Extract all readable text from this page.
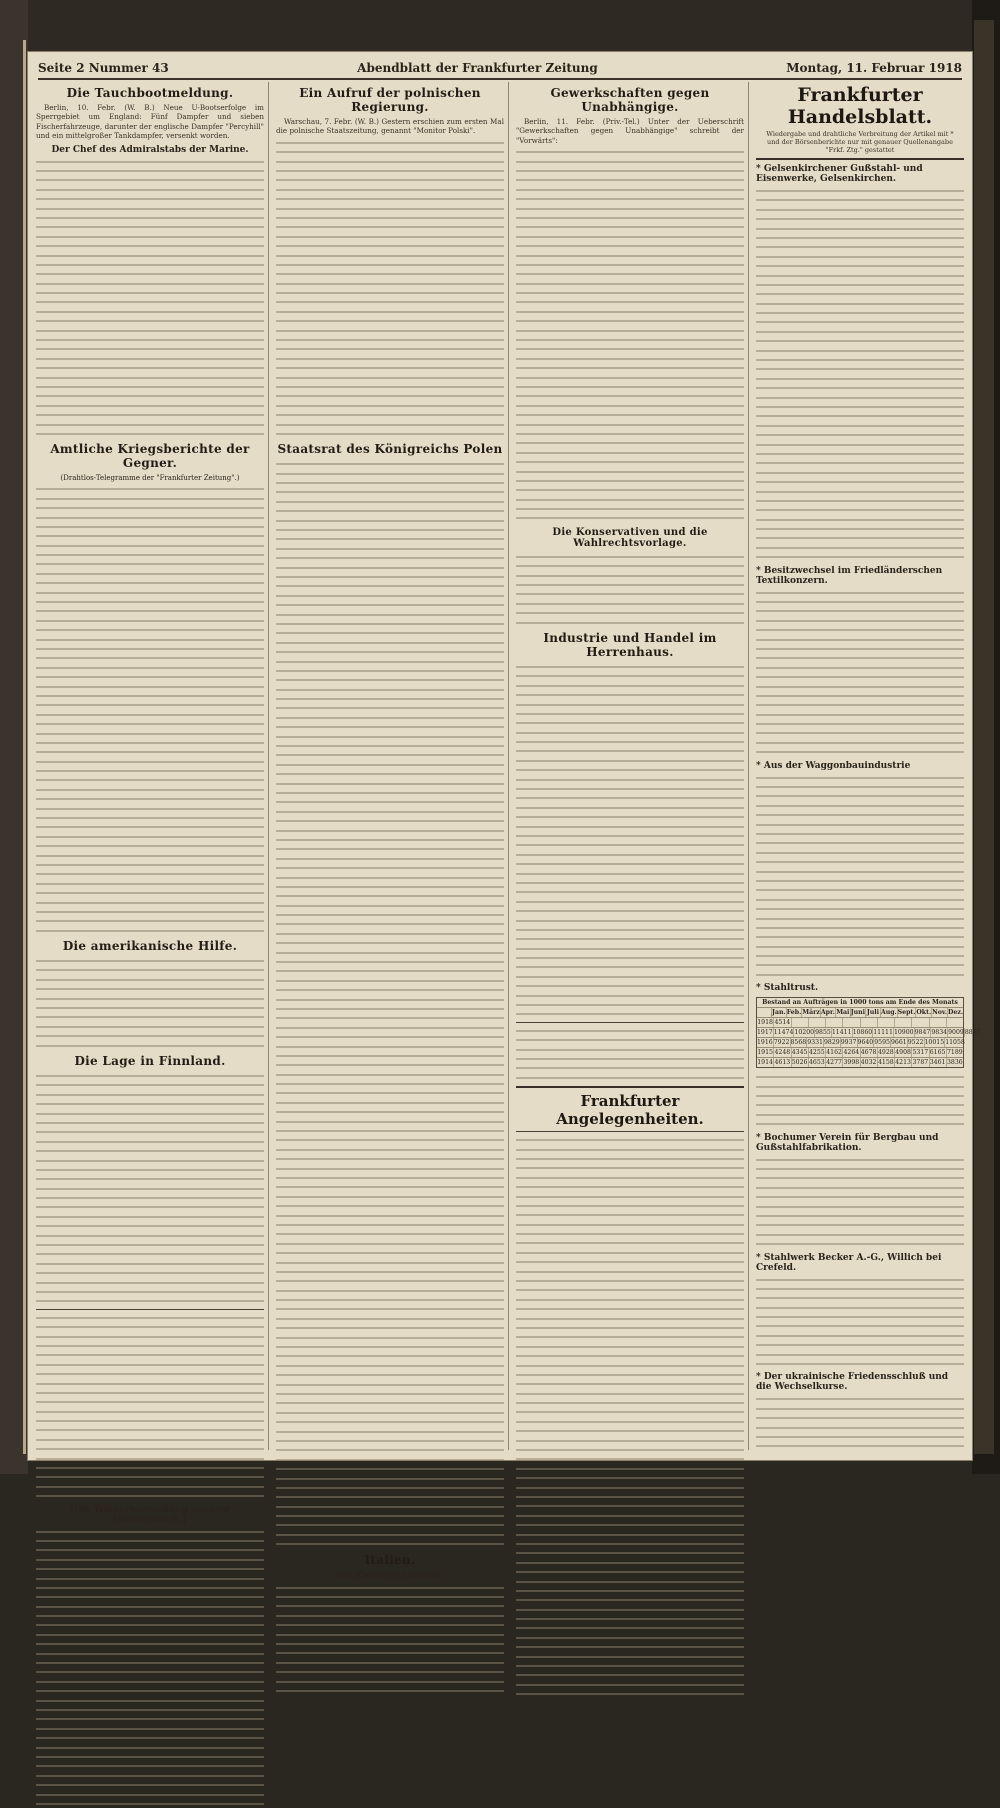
Seite 2 Nummer 43	Abendblatt der Frankfurter Zeitung	Montag, 11. Februar 1918
Die Tauchbootmeldung.

Berlin, 10. Febr. (W. B.) Neue U-Bootserfolge im Sperrgebiet um England: Fünf Dampfer und sieben Fischerfahrzeuge, darunter der englische Dampfer "Percyhill" und ein mittelgroßer Tankdampfer, versenkt worden.

Der Chef des Admiralstabs der Marine.
Amtliche Kriegsberichte der Gegner.
(Drahtlos-Telegramme der "Frankfurter Zeitung".)
Die amerikanische Hilfe.
Die Lage in Finnland.
[Die Wiederherstellung unserer Glockenwerk.]
Ein Aufruf der polnischen Regierung.

Warschau, 7. Febr. (W. B.) Gestern erschien zum ersten Mal die polnische Staatszeitung, genannt "Monitor Polski".

Staatsrat des Königreichs Polen
Italien.
Die Kammer eröffnet.
Gewerkschaften gegen Unabhängige.

Berlin, 11. Febr. (Priv.-Tel.) Unter der Ueberschrift "Gewerkschaften gegen Unabhängige" schreibt der "Vorwärts":

Die Konservativen und die Wahlrechtsvorlage.
Industrie und Handel im Herrenhaus.
Frankfurter Angelegenheiten.
Frankfurter Handelsblatt.
Wiedergabe und drahtliche Verbreitung der Artikel mit * und der Börsenberichte nur mit genauer Quellenangabe "Frkf. Ztg." gestattet
* Gelsenkirchener Gußstahl- und Eisenwerke, Gelsenkirchen.
* Besitzwechsel im Friedländerschen Textilkonzern.
* Aus der Waggonbauindustrie
* Stahltrust.
Bestand an Aufträgen in 1000 tons am Ende des Monats
Jan. Feb. März Apr. Mai Juni Juli Aug. Sept. Okt. Nov. Dez.
1918 4514
1917 11474 10200 9855 11411 10860 11111 10900 9847 9834 9009 8897
1916 7922 8568 9331 9829 9937 9640 9595 9661 9522 10015 11058
1915 4248 4345 4255 4162 4264 4678 4928 4908 5317 6165 7189
1914 4613 5026 4653 4277 3998 4032 4158 4213 3787 3461 3836
* Bochumer Verein für Bergbau und Gußstahlfabrikation.
* Stahlwerk Becker A.-G., Willich bei Crefeld.
* Der ukrainische Friedensschluß und die Wechselkurse.
